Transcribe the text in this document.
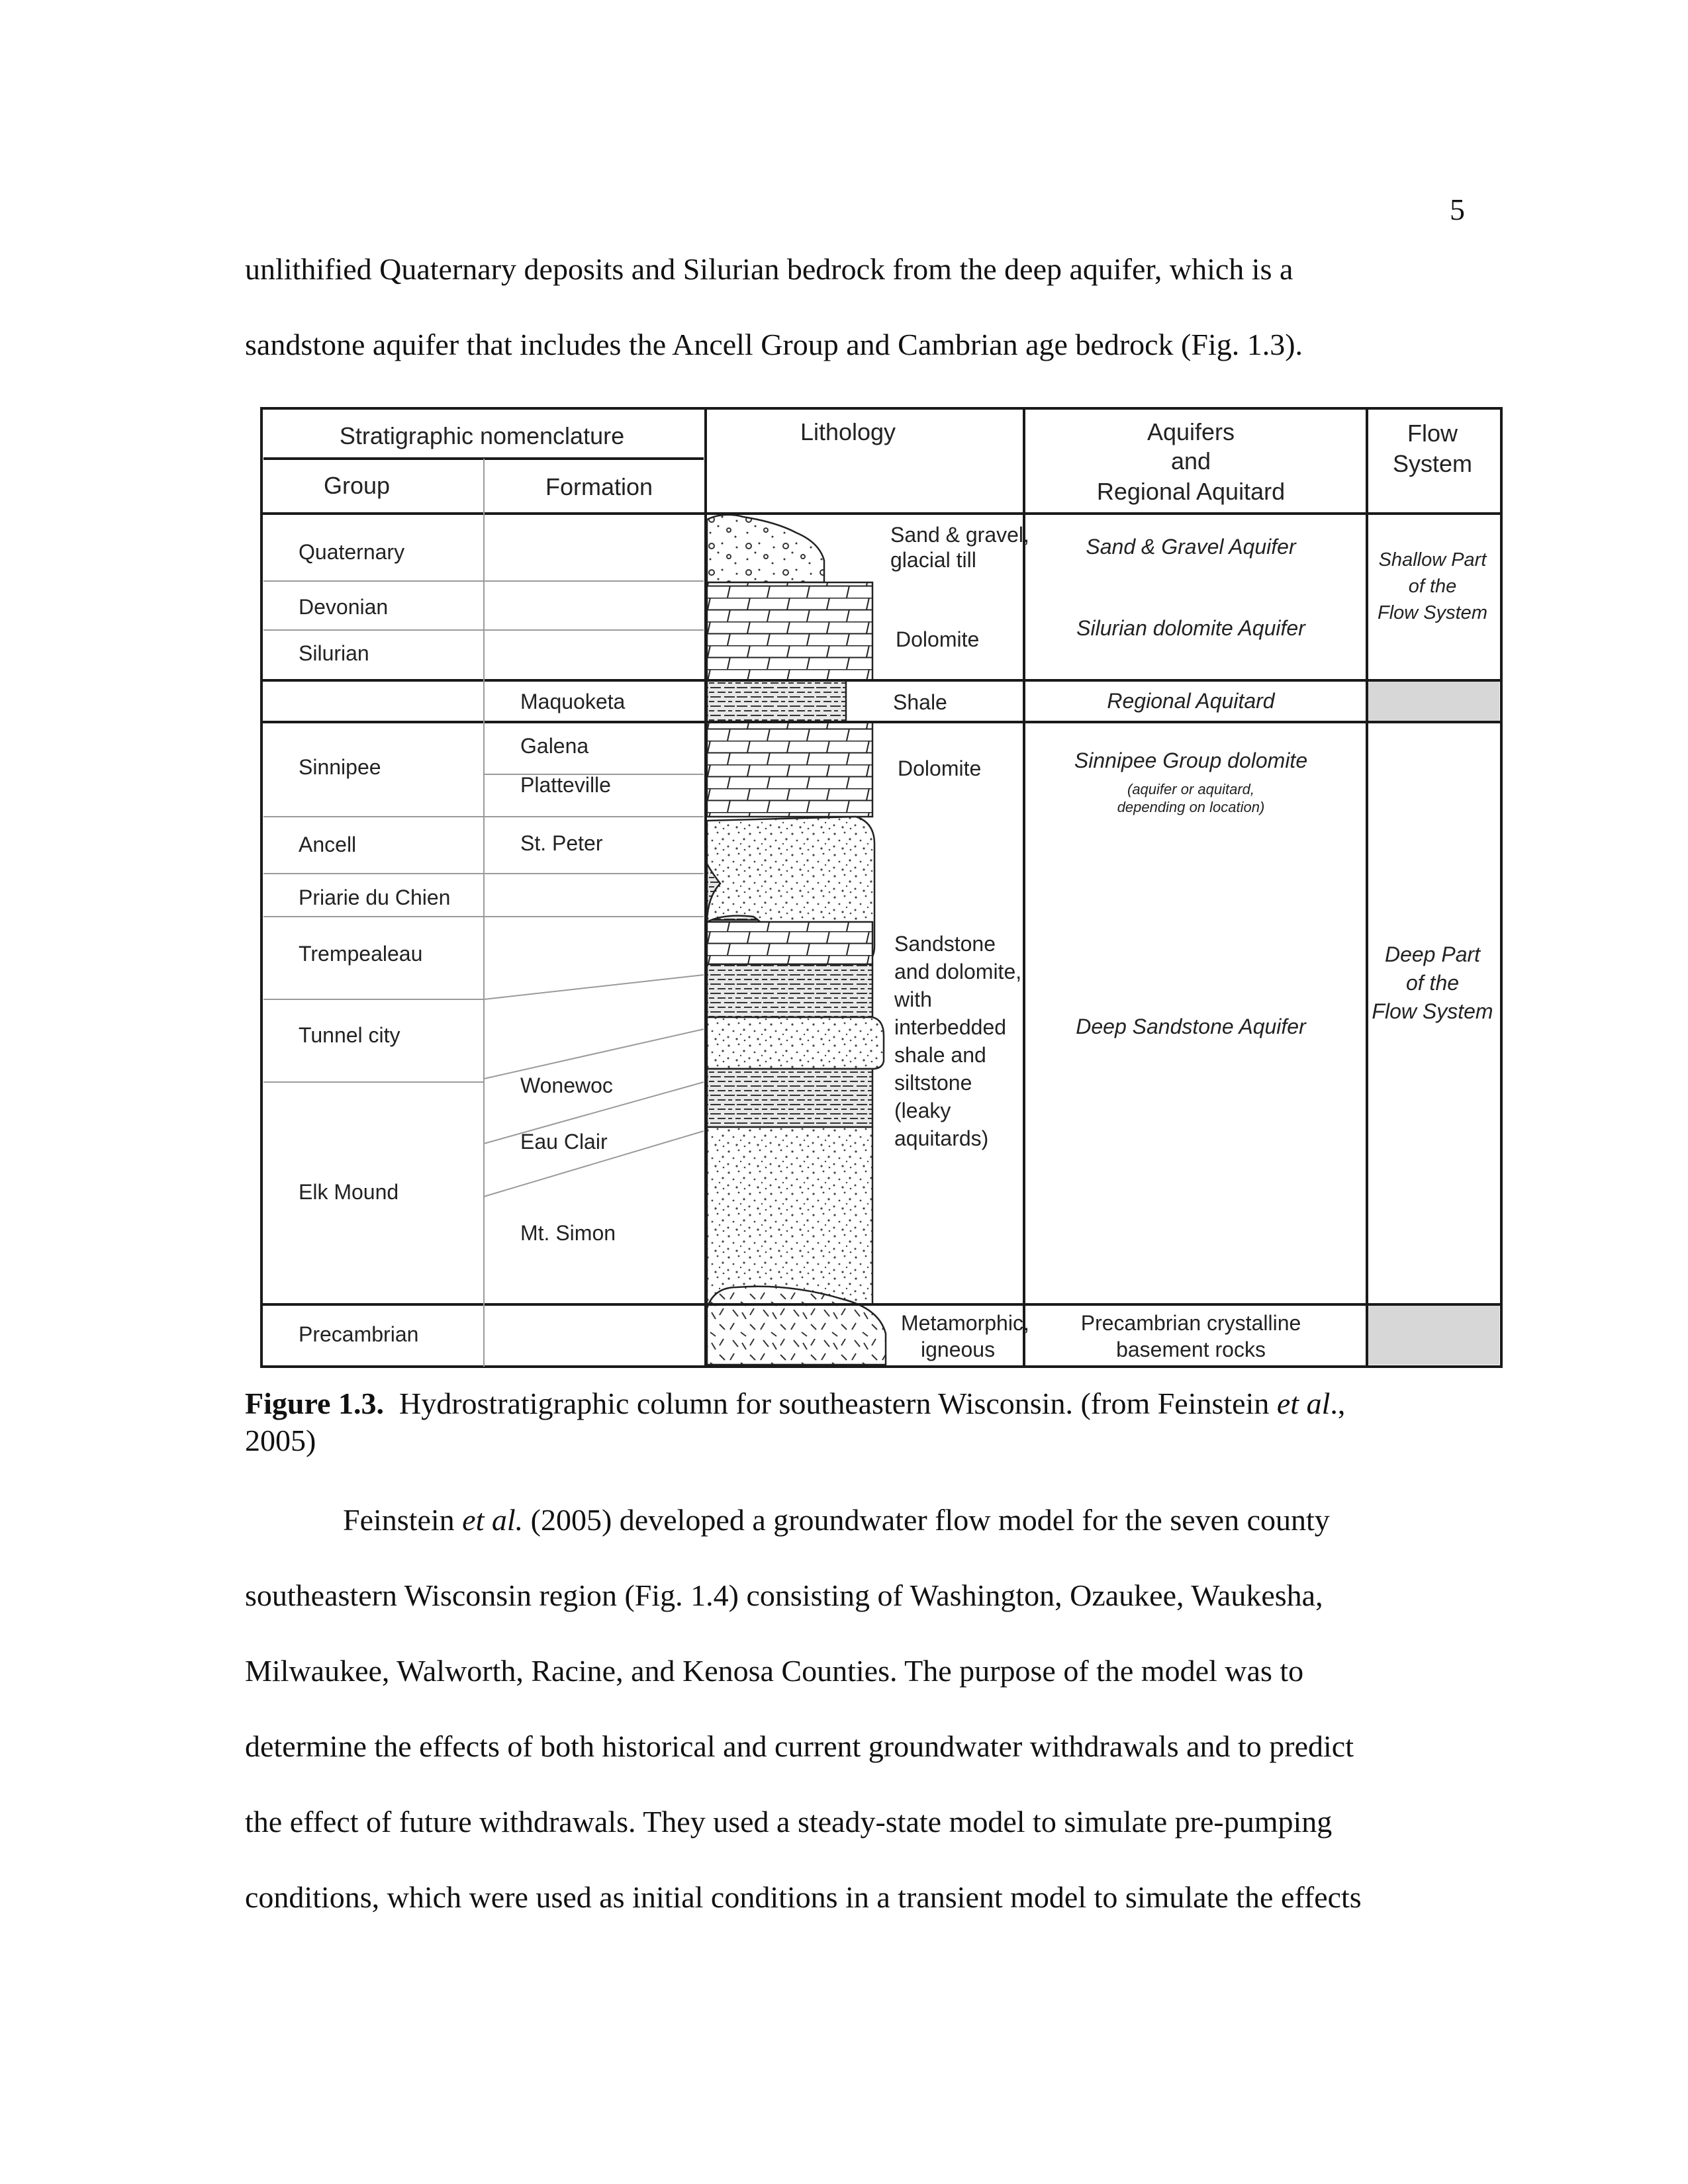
5

unlithified Quaternary deposits and Silurian bedrock from the deep aquifer, which is a

sandstone aquifer that includes the Ancell Group and Cambrian age bedrock (Fig. 1.3).

Stratigraphic nomenclature
Group	Formation
Lithology	Aquifers
and
Regional Aquitard
Flow
System
Quaternary
Devonian
Silurian
Sinnipee
Ancell
Priarie du Chien
Trempealeau
Tunnel city
Elk Mound
Precambrian
Maquoketa
Galena
Platteville
St. Peter
Wonewoc
Eau Clair
Mt. Simon
Sand & gravel,
glacial till
Dolomite
Shale
Dolomite
Sandstone
and dolomite,
with
interbedded
shale and
siltstone
(leaky
aquitards)
Metamorphic,
igneous
Sand & Gravel Aquifer
Silurian dolomite Aquifer
Regional Aquitard
Sinnipee Group dolomite
(aquifer or aquitard,
depending on location)
Deep Sandstone Aquifer
Precambrian crystalline
basement rocks
Shallow Part
of the
Flow System
Deep Part
of the
Flow System
Figure 1.3. Hydrostratigraphic column for southeastern Wisconsin. (from Feinstein et al.,
2005)

Feinstein et al. (2005) developed a groundwater flow model for the seven county

southeastern Wisconsin region (Fig. 1.4) consisting of Washington, Ozaukee, Waukesha,

Milwaukee, Walworth, Racine, and Kenosa Counties. The purpose of the model was to

determine the effects of both historical and current groundwater withdrawals and to predict

the effect of future withdrawals. They used a steady-state model to simulate pre-pumping

conditions, which were used as initial conditions in a transient model to simulate the effects
